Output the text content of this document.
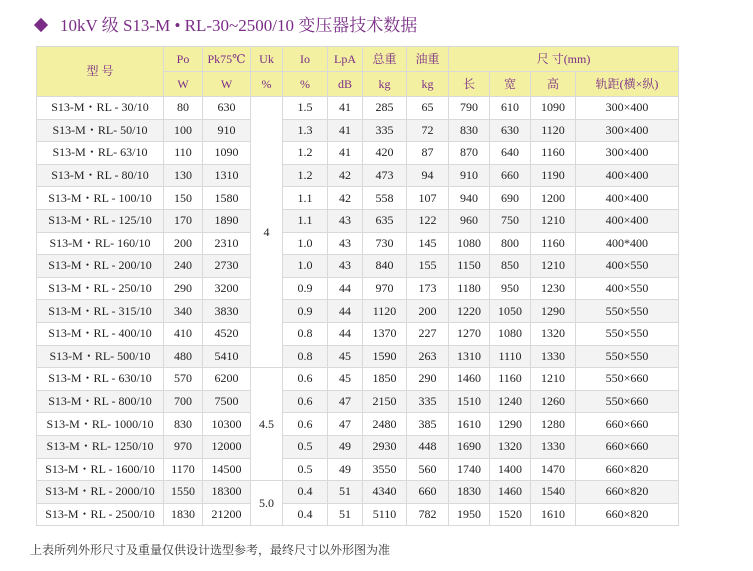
10kV 级 S13-M • RL-30~2500/10 变压器技术数据
型 号	Po	Pk75℃	Uk	Io	LpA	总重	油重	尺 寸(mm)			
	W	W	%	%	dB	kg	kg	长	宽	高	轨距(横×纵)
S13-M・RL - 30/10	80	630	4	1.5	41	285	65	790	610	1090	300×400
S13-M・RL- 50/10	100	910		1.3	41	335	72	830	630	1120	300×400
S13-M・RL- 63/10	110	1090		1.2	41	420	87	870	640	1160	300×400
S13-M・RL - 80/10	130	1310		1.2	42	473	94	910	660	1190	400×400
S13-M・RL - 100/10	150	1580		1.1	42	558	107	940	690	1200	400×400
S13-M・RL - 125/10	170	1890		1.1	43	635	122	960	750	1210	400×400
S13-M・RL- 160/10	200	2310		1.0	43	730	145	1080	800	1160	400*400
S13-M・RL - 200/10	240	2730		1.0	43	840	155	1150	850	1210	400×550
S13-M・RL - 250/10	290	3200		0.9	44	970	173	1180	950	1230	400×550
S13-M・RL - 315/10	340	3830		0.9	44	1120	200	1220	1050	1290	550×550
S13-M・RL - 400/10	410	4520		0.8	44	1370	227	1270	1080	1320	550×550
S13-M・RL- 500/10	480	5410		0.8	45	1590	263	1310	1110	1330	550×550
S13-M・RL - 630/10	570	6200	4.5	0.6	45	1850	290	1460	1160	1210	550×660
S13-M・RL - 800/10	700	7500		0.6	47	2150	335	1510	1240	1260	550×660
S13-M・RL- 1000/10	830	10300		0.6	47	2480	385	1610	1290	1280	660×660
S13-M・RL- 1250/10	970	12000		0.5	49	2930	448	1690	1320	1330	660×660
S13-M・RL - 1600/10	1170	14500		0.5	49	3550	560	1740	1400	1470	660×820
S13-M・RL - 2000/10	1550	18300	5.0	0.4	51	4340	660	1830	1460	1540	660×820
S13-M・RL - 2500/10	1830	21200		0.4	51	5110	782	1950	1520	1610	660×820
上表所列外形尺寸及重量仅供设计选型参考，最终尺寸以外形图为准
